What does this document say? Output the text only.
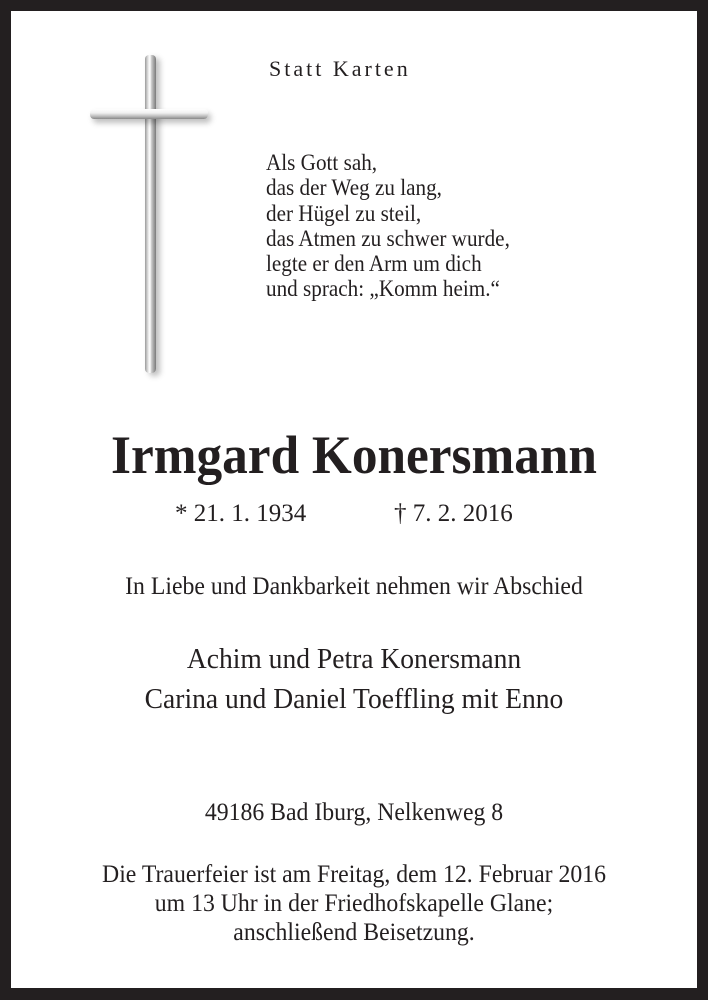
Statt Karten
Als Gott sah,
das der Weg zu lang,
der Hügel zu steil,
das Atmen zu schwer wurde,
legte er den Arm um dich
und sprach: „Komm heim.“
Irmgard Konersmann
* 21. 1. 1934	† 7. 2. 2016
In Liebe und Dankbarkeit nehmen wir Abschied
Achim und Petra Konersmann
Carina und Daniel Toeffling mit Enno
49186 Bad Iburg, Nelkenweg 8
Die Trauerfeier ist am Freitag, dem 12. Februar 2016
um 13 Uhr in der Friedhofskapelle Glane;
anschließend Beisetzung.
